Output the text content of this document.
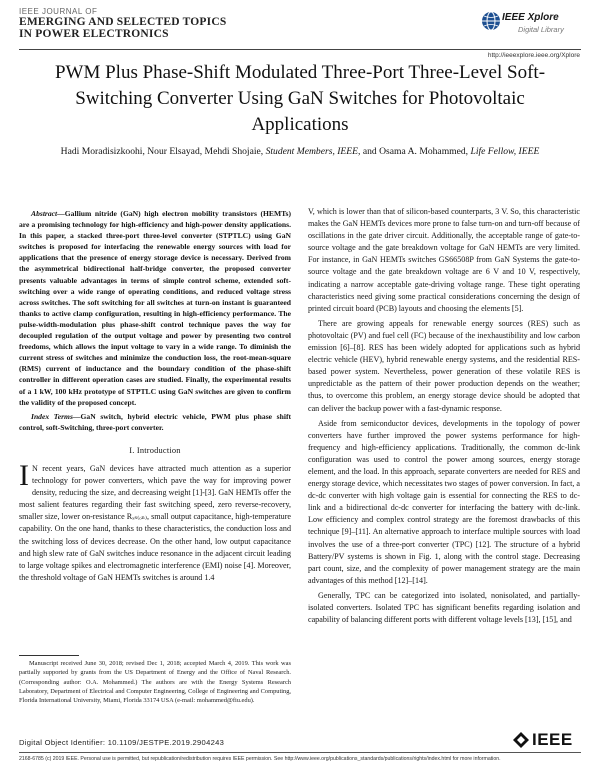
IEEE JOURNAL OF
EMERGING AND SELECTED TOPICS
IN POWER ELECTRONICS
IEEE Xplore
Digital Library
http://ieeexplore.ieee.org/Xplore
PWM Plus Phase-Shift Modulated Three-Port Three-Level Soft-Switching Converter Using GaN Switches for Photovoltaic Applications
Hadi Moradisizkoohi, Nour Elsayad, Mehdi Shojaie, Student Members, IEEE, and Osama A. Mohammed, Life Fellow, IEEE

Abstract—Gallium nitride (GaN) high electron mobility transistors (HEMTs) are a promising technology for high-efficiency and high-power density applications. In this paper, a stacked three-port three-level converter (STPTLC) using GaN switches is proposed for interfacing the renewable energy sources with load for applications that the presence of energy storage device is necessary. Derived from the asymmetrical bidirectional half-bridge converter, the proposed converter presents valuable advantages in terms of simple control scheme, extended soft-switching over a wide range of operating conditions, and reduced voltage stress across switches. The soft switching for all switches at turn-on instant is guaranteed thanks to active clamp configuration, resulting in high-efficiency performance. The pulse-width-modulation plus phase-shift control technique paves the way for decoupled regulation of the output voltage and power by presenting two control freedoms, which allows the input voltage to vary in a wide range. To diminish the current stress of switches and minimize the conduction loss, the root-mean-square (RMS) current of inductance and the boundary condition of the phase-shift controller in different operation cases are studied. Finally, the experimental results of a 1 kW, 100 kHz prototype of STPTLC using GaN switches are given to confirm the validity of the proposed concept.

Index Terms—GaN switch, hybrid electric vehicle, PWM plus phase shift control, soft-Switching, three-port converter.

I. Introduction

I N recent years, GaN devices have attracted much attention as a superior technology for power converters, which pave the way for improving power density, reducing the size, and decreasing weight [1]-[3]. GaN HEMTs offer the most salient features regarding their fast switching speed, zero reverse-recovery, smaller size, lower on-resistance Rₓₛ₍ₒₙ₎, small output capacitance, high-temperature capability. On the one hand, thanks to these characteristics, the conduction loss and the switching loss of devices decrease. On the other hand, low output capacitance and high slew rate of GaN switches induce resonance in the adjacent circuit leading to large voltage spikes and electromagnetic interference (EMI) noise [4]. Moreover, the threshold voltage of GaN HEMTs switches is around 1.4

V, which is lower than that of silicon-based counterparts, 3 V. So, this characteristic makes the GaN HEMTs devices more prone to false turn-on and turn-off because of oscillations in the gate driver circuit. Additionally, the acceptable range of gate-to-source voltage and the gate breakdown voltage for GaN HEMTs are very limited. For instance, in GaN HEMTs switches GS66508P from GaN Systems the gate-to-source voltage and the gate breakdown voltage are 6 V and 10 V, respectively, indicating a narrow acceptable gate-driving voltage range. These tight operating characteristics need giving some practical considerations concerning the design of printed circuit board (PCB) layouts and choosing the elements [5].

There are growing appeals for renewable energy sources (RES) such as photovoltaic (PV) and fuel cell (FC) because of the inexhaustibility and low carbon emission [6]–[8]. RES has been widely adopted for applications such as hybrid electric vehicle (HEV), hybrid renewable energy systems, and the residential RES-based power system. Nevertheless, power generation of these volatile RES is unpredictable as the pattern of their power production depends on the weather; thus, to overcome this problem, an energy storage device should be adopted that can deliver the backup power with a fast-dynamic response.

Aside from semiconductor devices, developments in the topology of power converters have further improved the power systems performance for high-frequency and high-efficiency applications. Traditionally, the common dc-link configuration was used to control the power among sources, energy storage element, and the load. In this approach, separate converters are needed for RES and energy storage device, which necessitates two stages of power conversion. In fact, a dc-dc converter with high voltage gain is essential for connecting the RES to dc-link and a bidirectional dc-dc converter for interfacing the battery with dc-link. Low efficiency and complex control strategy are the foremost drawbacks of this technique [9]–[11]. An alternative approach to interface multiple sources with load involves the use of a three-port converter (TPC) [12]. The structure of a hybrid Battery/PV systems is shown in Fig. 1, along with the control stage. Decreasing part count, size, and the complexity of power management strategy are the main advantages of this method [12]–[14].

Generally, TPC can be categorized into isolated, nonisolated, and partially-isolated converters. Isolated TPC has significant benefits regarding isolation and capability of balancing different ports with different voltage levels [13], [15], and

Manuscript received June 30, 2018; revised Dec 1, 2018; accepted March 4, 2019. This work was partially supported by grants from the US Department of Energy and the Office of Naval Research. (Corresponding author: O.A. Mohammed.) The authors are with the Energy Systems Research Laboratory, Department of Electrical and Computer Engineering, College of Engineering and Computing, Florida International University, Miami, Florida 33174 USA (e-mail: mohammed@fiu.edu).

Digital Object Identifier: 10.1109/JESTPE.2019.2904243	IEEE
2168-6785 (c) 2019 IEEE. Personal use is permitted, but republication/redistribution requires IEEE permission. See http://www.ieee.org/publications_standards/publications/rights/index.html for more information.
